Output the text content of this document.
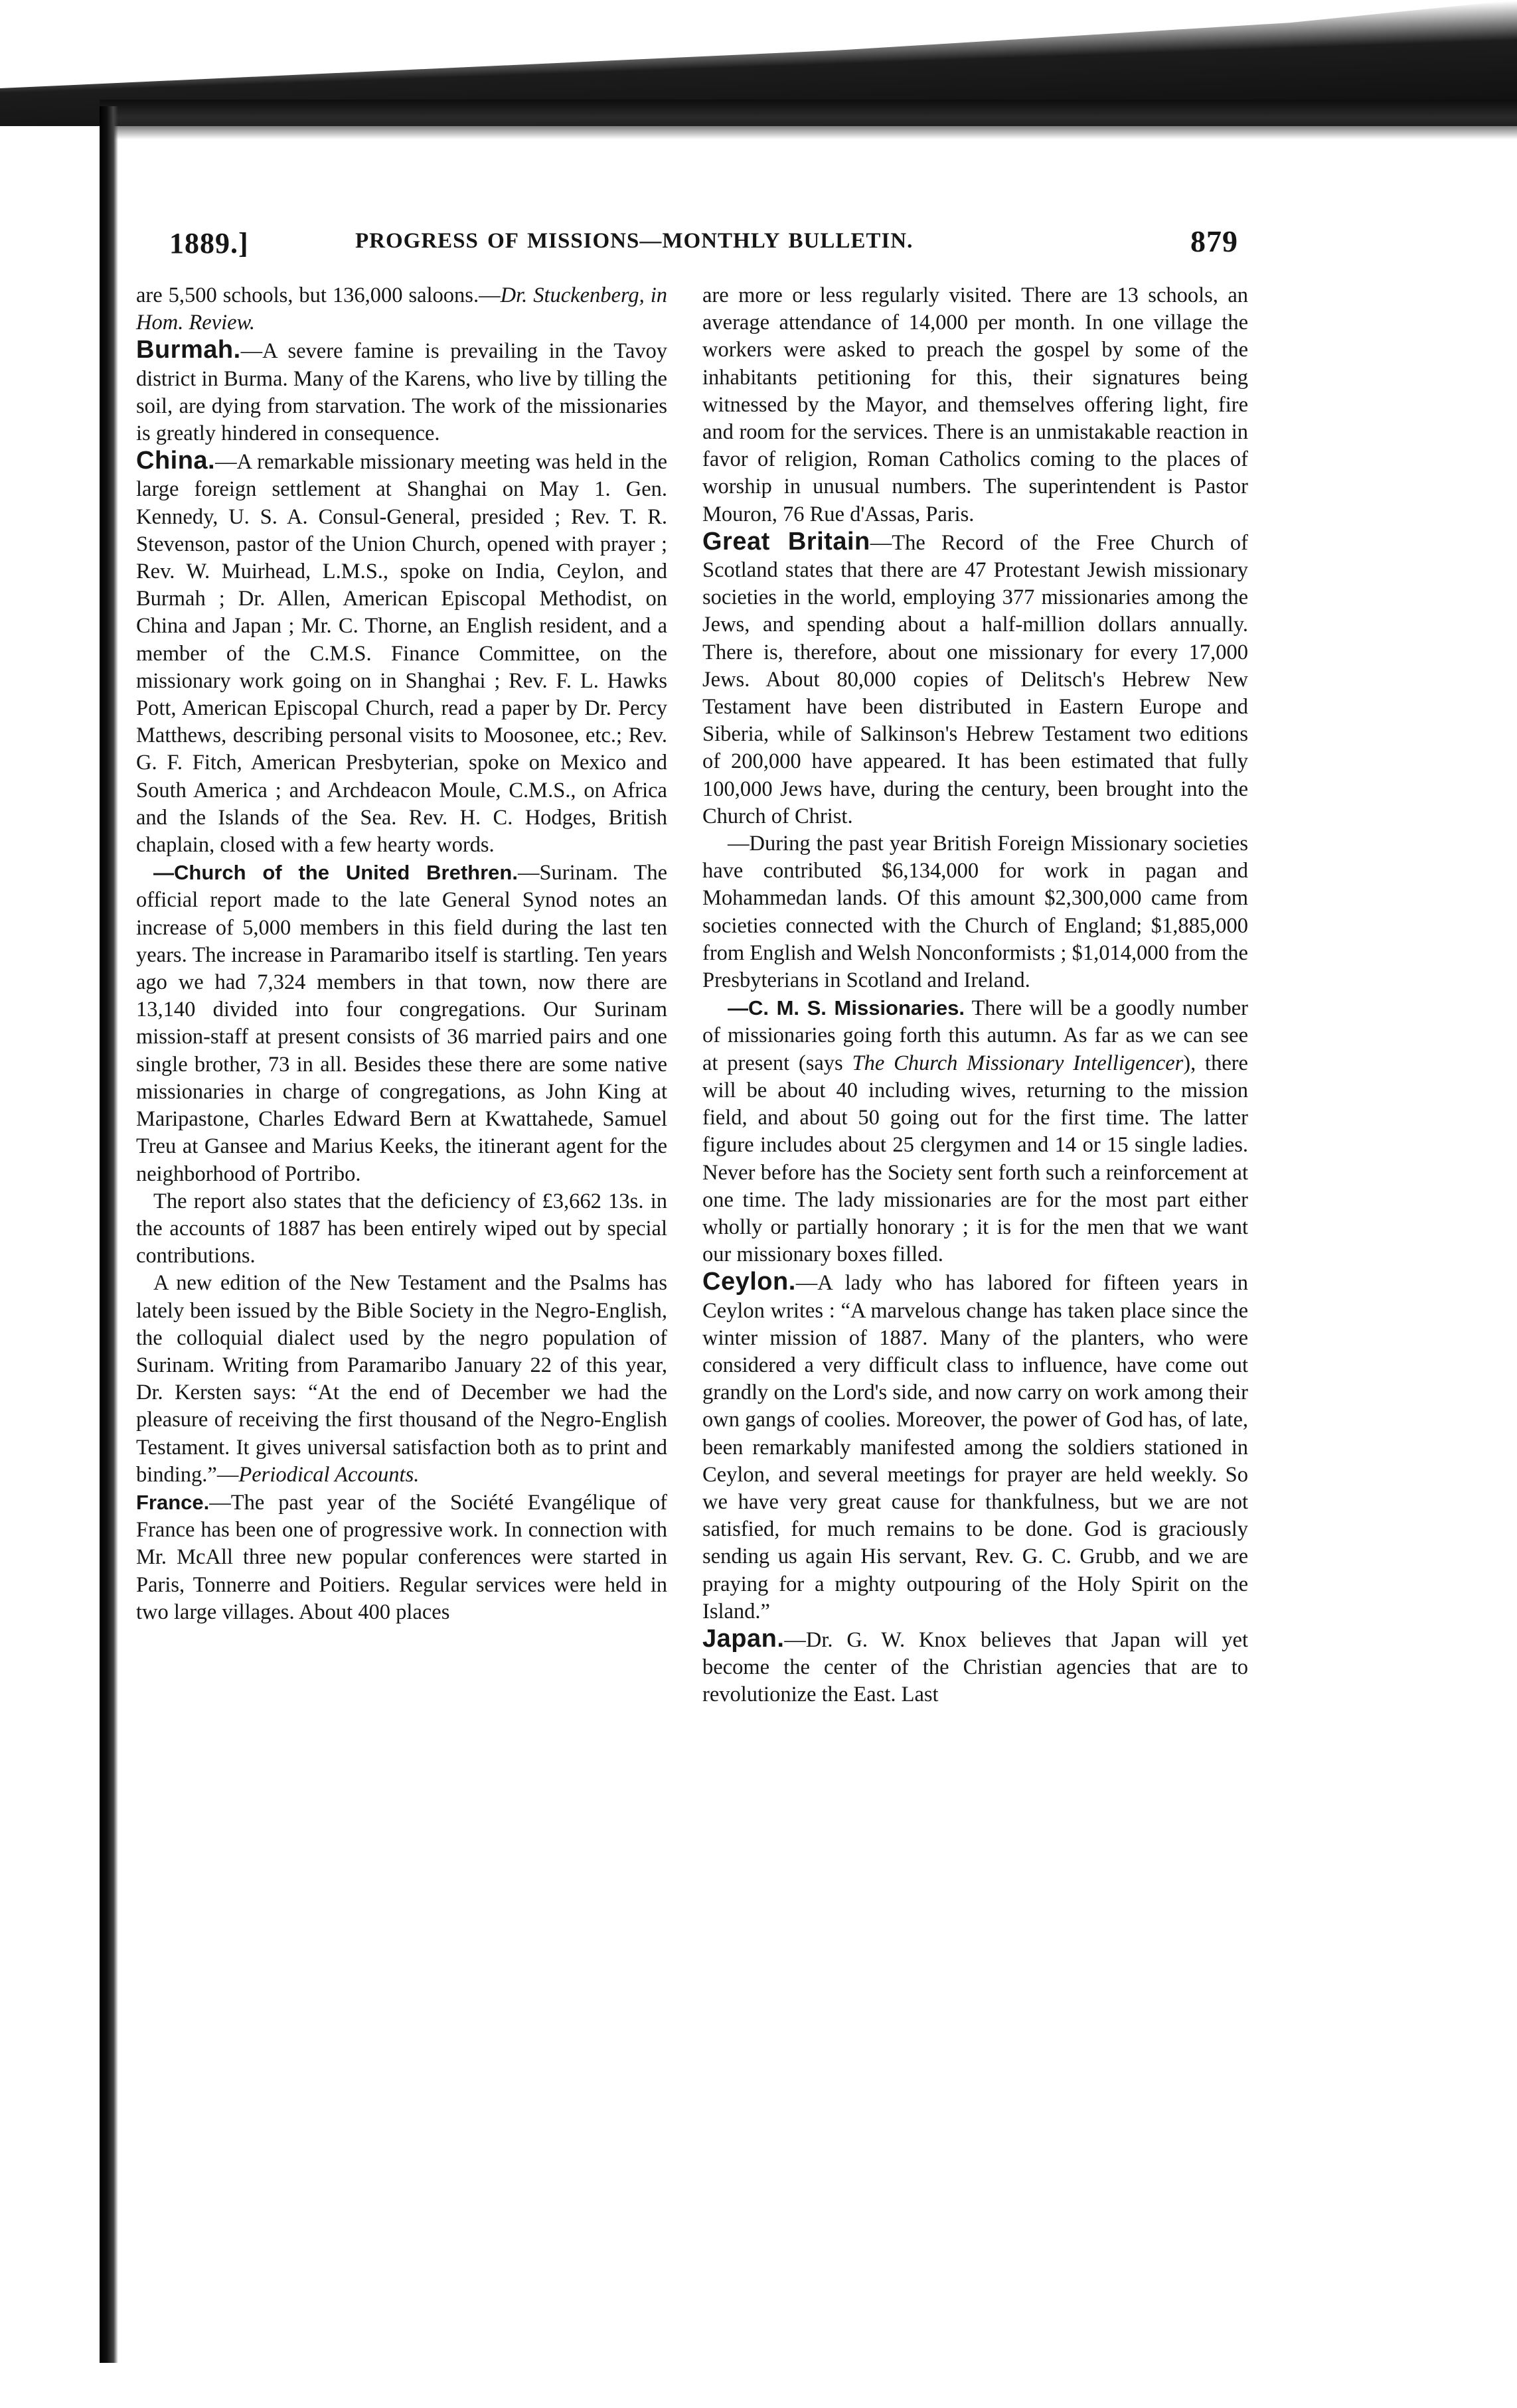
1889.]	PROGRESS OF MISSIONS—MONTHLY BULLETIN.	879

are 5,500 schools, but 136,000 saloons.—Dr. Stuckenberg, in Hom. Review.

Burmah.—A severe famine is prevailing in the Tavoy district in Burma. Many of the Karens, who live by tilling the soil, are dying from starvation. The work of the missionaries is greatly hindered in consequence.

China.—A remarkable missionary meeting was held in the large foreign settlement at Shanghai on May 1. Gen. Kennedy, U. S. A. Consul-General, presided ; Rev. T. R. Stevenson, pastor of the Union Church, opened with prayer ; Rev. W. Muirhead, L.M.S., spoke on India, Ceylon, and Burmah ; Dr. Allen, American Episcopal Methodist, on China and Japan ; Mr. C. Thorne, an English resident, and a member of the C.M.S. Finance Committee, on the missionary work going on in Shanghai ; Rev. F. L. Hawks Pott, American Episcopal Church, read a paper by Dr. Percy Matthews, describing personal visits to Moosonee, etc.; Rev. G. F. Fitch, American Presbyterian, spoke on Mexico and South America ; and Archdeacon Moule, C.M.S., on Africa and the Islands of the Sea. Rev. H. C. Hodges, British chaplain, closed with a few hearty words.

—Church of the United Brethren.—Surinam. The official report made to the late General Synod notes an increase of 5,000 members in this field during the last ten years. The increase in Paramaribo itself is startling. Ten years ago we had 7,324 members in that town, now there are 13,140 divided into four congregations. Our Surinam mission-staff at present consists of 36 married pairs and one single brother, 73 in all. Besides these there are some native missionaries in charge of congregations, as John King at Maripastone, Charles Edward Bern at Kwattahede, Samuel Treu at Gansee and Marius Keeks, the itinerant agent for the neighborhood of Portribo.

The report also states that the deficiency of £3,662 13s. in the accounts of 1887 has been entirely wiped out by special contributions.

A new edition of the New Testament and the Psalms has lately been issued by the Bible Society in the Negro-English, the colloquial dialect used by the negro population of Surinam. Writing from Paramaribo January 22 of this year, Dr. Kersten says: “At the end of December we had the pleasure of receiving the first thousand of the Negro-English Testament. It gives universal satisfaction both as to print and binding.”—Periodical Accounts.

France.—The past year of the Société Evangélique of France has been one of progressive work. In connection with Mr. McAll three new popular conferences were started in Paris, Tonnerre and Poitiers. Regular services were held in two large villages. About 400 places

are more or less regularly visited. There are 13 schools, an average attendance of 14,000 per month. In one village the workers were asked to preach the gospel by some of the inhabitants petitioning for this, their signatures being witnessed by the Mayor, and themselves offering light, fire and room for the services. There is an unmistakable reaction in favor of religion, Roman Catholics coming to the places of worship in unusual numbers. The superintendent is Pastor Mouron, 76 Rue d'Assas, Paris.

Great Britain—The Record of the Free Church of Scotland states that there are 47 Protestant Jewish missionary societies in the world, employing 377 missionaries among the Jews, and spending about a half-million dollars annually. There is, therefore, about one missionary for every 17,000 Jews. About 80,000 copies of Delitsch's Hebrew New Testament have been distributed in Eastern Europe and Siberia, while of Salkinson's Hebrew Testament two editions of 200,000 have appeared. It has been estimated that fully 100,000 Jews have, during the century, been brought into the Church of Christ.

—During the past year British Foreign Missionary societies have contributed $6,134,000 for work in pagan and Mohammedan lands. Of this amount $2,300,000 came from societies connected with the Church of England; $1,885,000 from English and Welsh Nonconformists ; $1,014,000 from the Presbyterians in Scotland and Ireland.

—C. M. S. Missionaries. There will be a goodly number of missionaries going forth this autumn. As far as we can see at present (says The Church Missionary Intelligencer), there will be about 40 including wives, returning to the mission field, and about 50 going out for the first time. The latter figure includes about 25 clergymen and 14 or 15 single ladies. Never before has the Society sent forth such a reinforcement at one time. The lady missionaries are for the most part either wholly or partially honorary ; it is for the men that we want our missionary boxes filled.

Ceylon.—A lady who has labored for fifteen years in Ceylon writes : “A marvelous change has taken place since the winter mission of 1887. Many of the planters, who were considered a very difficult class to influence, have come out grandly on the Lord's side, and now carry on work among their own gangs of coolies. Moreover, the power of God has, of late, been remarkably manifested among the soldiers stationed in Ceylon, and several meetings for prayer are held weekly. So we have very great cause for thankfulness, but we are not satisfied, for much remains to be done. God is graciously sending us again His servant, Rev. G. C. Grubb, and we are praying for a mighty outpouring of the Holy Spirit on the Island.”

Japan.—Dr. G. W. Knox believes that Japan will yet become the center of the Christian agencies that are to revolutionize the East. Last
